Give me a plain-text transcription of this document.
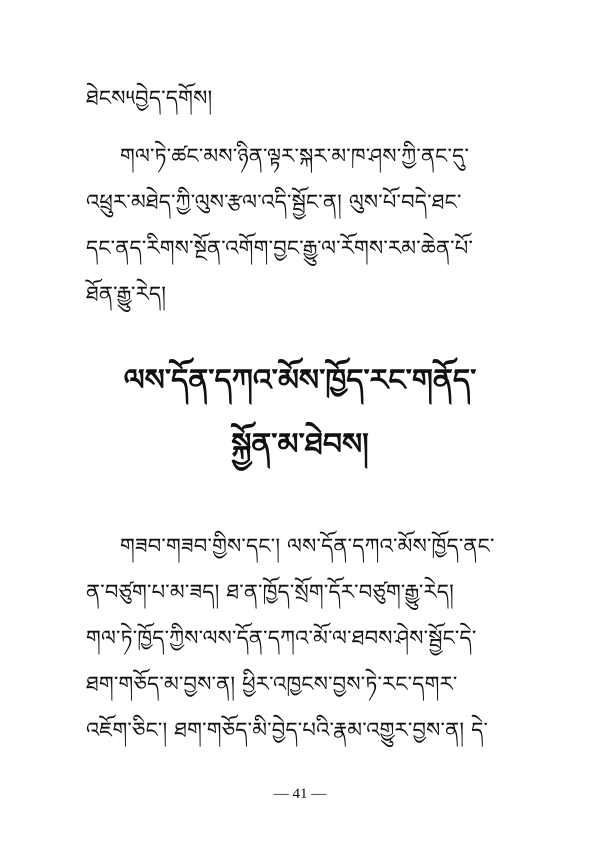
ཐེངས༥བྱེད་དགོས།
གལ་ཏེ་ཚང་མས་ཉིན་ལྟར་སྐར་མ་ཁ་ཤས་ཀྱི་ནང་དུ་
འཕྲུར་མཐེད་ཀྱི་ལུས་རྩལ་འདི་སྦྱོང་ན། ལུས་པོ་བདེ་ཐང་
དང་ནད་རིགས་སྔོན་འགོག་བྱང་རྒྱུ་ལ་ཪོགས་རམ་ཆེན་པོ་
ཐོན་རྒྱུ་རེད།
ལས་དོན་དཀའ་མོས་ཁྱོད་རང་གནོད་
སྐྱོན་མ་ཐེབས།
གཟབ་གཟབ་གྱིས་དང་། ལས་དོན་དཀའ་མོས་ཁྱོད་ནང་
ན་བཙུག་པ་མ་ཟད། ཐ་ན་ཁྱོད་སྲོག་དོར་བཙུག་རྒྱུ་རེད།
གལ་ཏེ་ཁྱོད་ཀྱིས་ལས་དོན་དཀའ་མོ་ལ་ཐབས་ཤེས་སྦྱོང་དེ་
ཐག་གཅོད་མ་བྱས་ན། ཕྱིར་འཁྱངས་བྱས་ཏེ་རང་དགར་
འཇོག་ཅིང་། ཐག་གཅོད་མི་བྱེད་པའི་རྣམ་འགྱུར་བྱས་ན། དེ་
— 41 —
